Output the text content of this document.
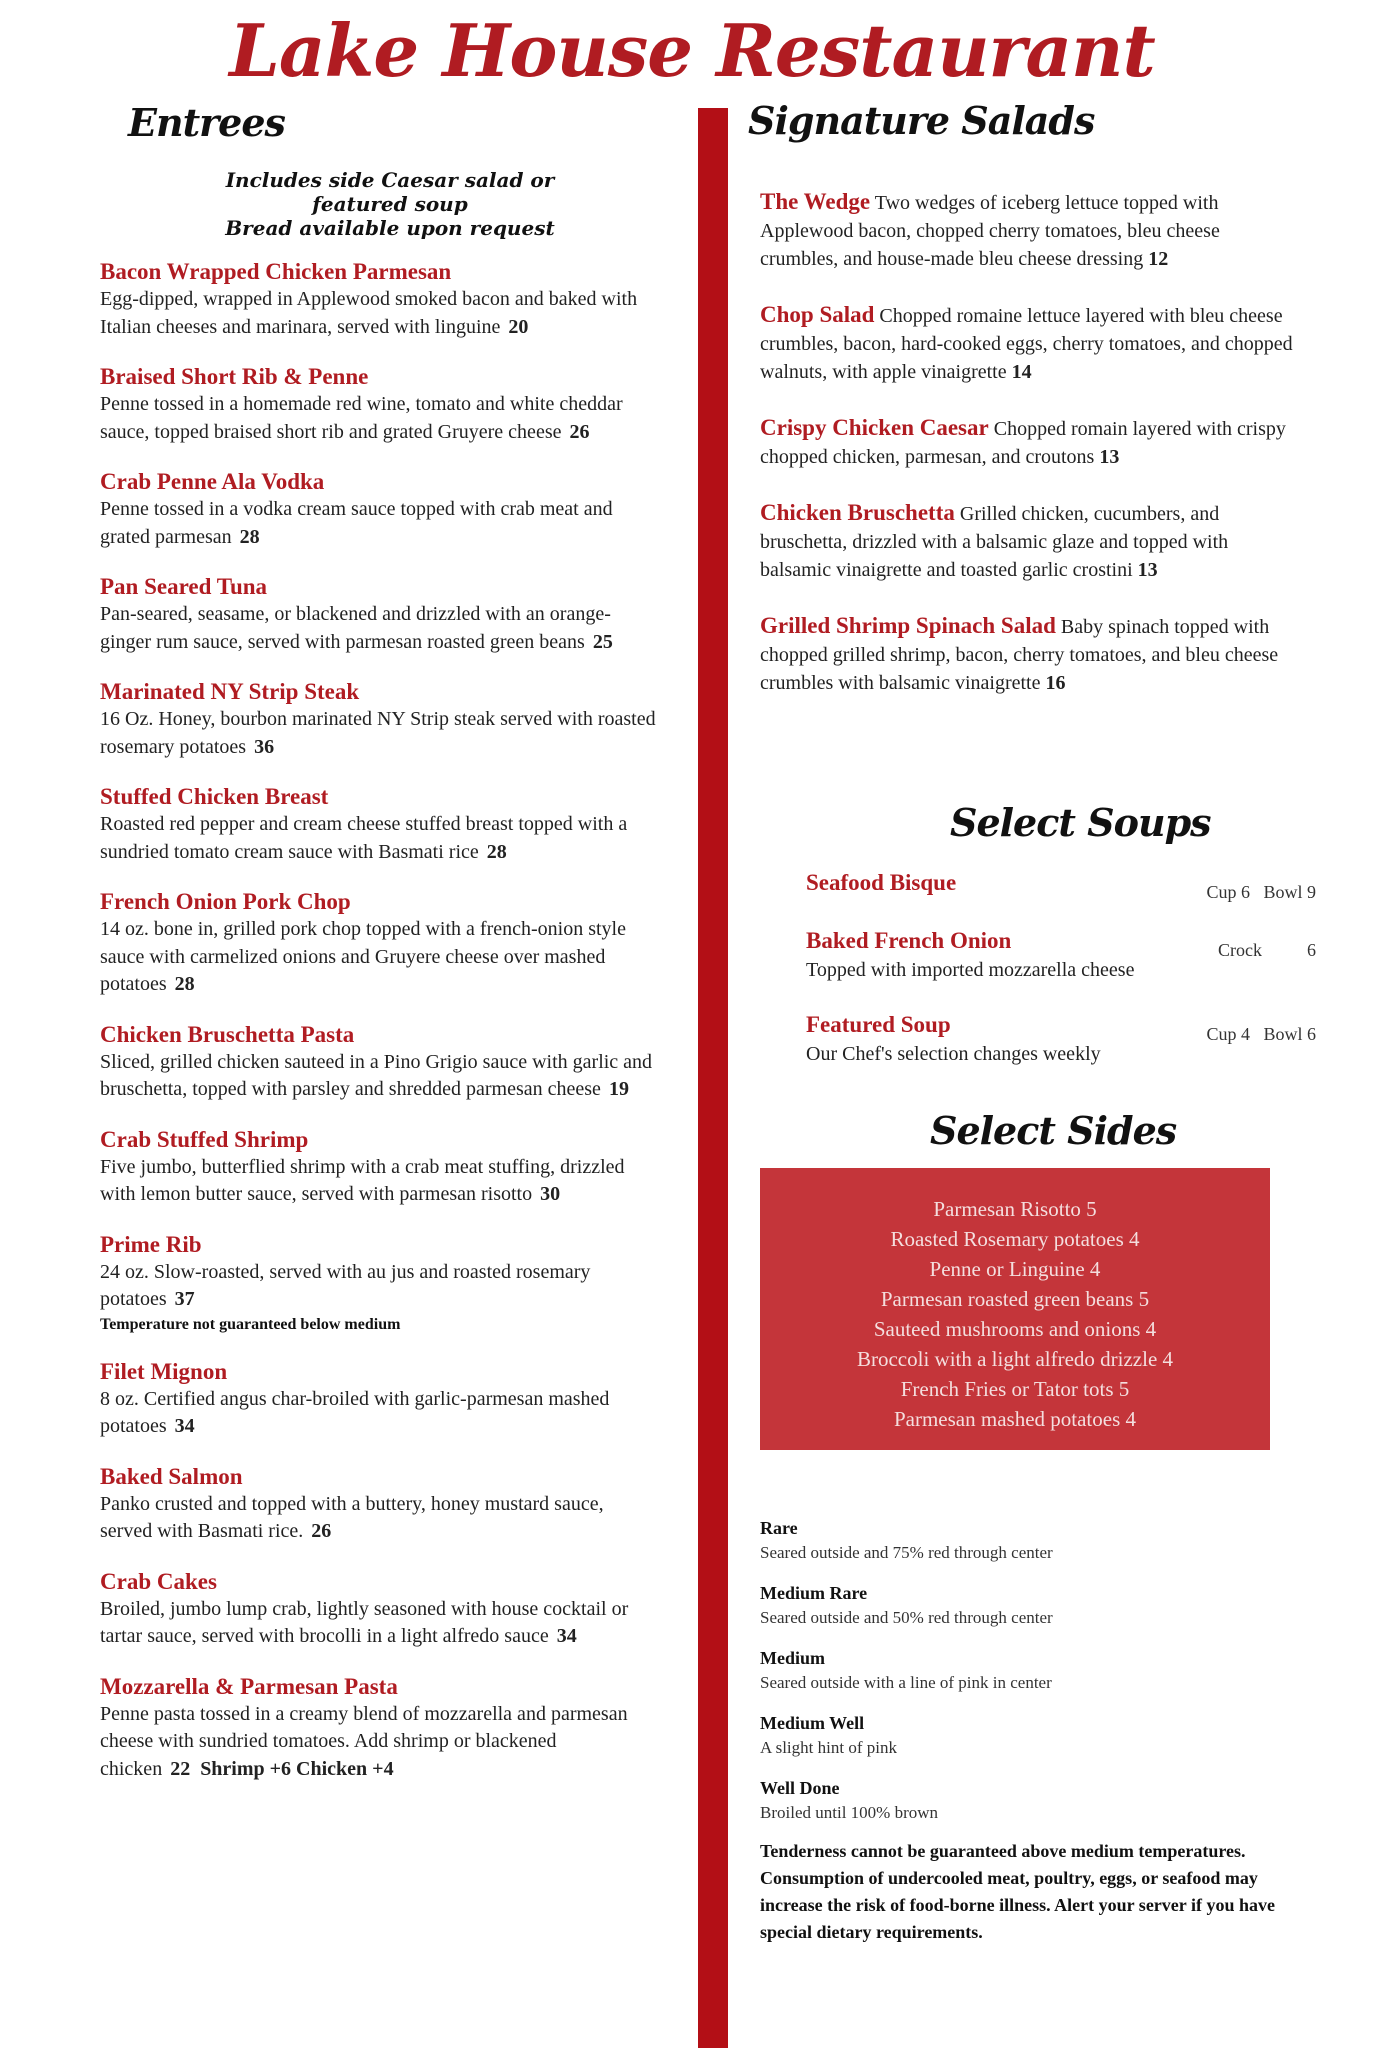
Lake House Restaurant
Entrees
Includes side Caesar salad or featured soup
Bread available upon request
Bacon Wrapped Chicken Parmesan
Egg-dipped, wrapped in Applewood smoked bacon and baked with Italian cheeses and marinara, served with linguine 20
Braised Short Rib & Penne
Penne tossed in a homemade red wine, tomato and white cheddar sauce, topped braised short rib and grated Gruyere cheese 26
Crab Penne Ala Vodka
Penne tossed in a vodka cream sauce topped with crab meat and grated parmesan 28
Pan Seared Tuna
Pan-seared, seasame, or blackened and drizzled with an orange-ginger rum sauce, served with parmesan roasted green beans 25
Marinated NY Strip Steak
16 Oz. Honey, bourbon marinated NY Strip steak served with roasted rosemary potatoes 36
Stuffed Chicken Breast
Roasted red pepper and cream cheese stuffed breast topped with a sundried tomato cream sauce with Basmati rice 28
French Onion Pork Chop
14 oz. bone in, grilled pork chop topped with a french-onion style sauce with carmelized onions and Gruyere cheese over mashed potatoes 28
Chicken Bruschetta Pasta
Sliced, grilled chicken sauteed in a Pino Grigio sauce with garlic and bruschetta, topped with parsley and shredded parmesan cheese 19
Crab Stuffed Shrimp
Five jumbo, butterflied shrimp with a crab meat stuffing, drizzled with lemon butter sauce, served with parmesan risotto 30
Prime Rib
24 oz. Slow-roasted, served with au jus and roasted rosemary potatoes 37
Temperature not guaranteed below medium
Filet Mignon
8 oz. Certified angus char-broiled with garlic-parmesan mashed potatoes 34
Baked Salmon
Panko crusted and topped with a buttery, honey mustard sauce, served with Basmati rice. 26
Crab Cakes
Broiled, jumbo lump crab, lightly seasoned with house cocktail or tartar sauce, served with brocolli in a light alfredo sauce 34
Mozzarella & Parmesan Pasta
Penne pasta tossed in a creamy blend of mozzarella and parmesan cheese with sundried tomatoes. Add shrimp or blackened chicken 22 Shrimp +6 Chicken +4
Signature Salads
The Wedge Two wedges of iceberg lettuce topped with Applewood bacon, chopped cherry tomatoes, bleu cheese crumbles, and house-made bleu cheese dressing 12
Chop Salad Chopped romaine lettuce layered with bleu cheese crumbles, bacon, hard-cooked eggs, cherry tomatoes, and chopped walnuts, with apple vinaigrette 14
Crispy Chicken Caesar Chopped romain layered with crispy chopped chicken, parmesan, and croutons 13
Chicken Bruschetta Grilled chicken, cucumbers, and bruschetta, drizzled with a balsamic glaze and topped with balsamic vinaigrette and toasted garlic crostini 13
Grilled Shrimp Spinach Salad Baby spinach topped with chopped grilled shrimp, bacon, cherry tomatoes, and bleu cheese crumbles with balsamic vinaigrette 16
Select Soups
Seafood Bisque	Cup 6   Bowl 9
Baked French Onion
Topped with imported mozzarella cheese
Crock          6
Featured Soup
Our Chef's selection changes weekly
Cup 4   Bowl 6
Select Sides
Parmesan Risotto 5
Roasted Rosemary potatoes 4
Penne or Linguine 4
Parmesan roasted green beans 5
Sauteed mushrooms and onions 4
Broccoli with a light alfredo drizzle 4
French Fries or Tator tots 5
Parmesan mashed potatoes 4
Rare
Seared outside and 75% red through center
Medium Rare
Seared outside and 50% red through center
Medium
Seared outside with a line of pink in center
Medium Well
A slight hint of pink
Well Done
Broiled until 100% brown
Tenderness cannot be guaranteed above medium temperatures. Consumption of undercooled meat, poultry, eggs, or seafood may increase the risk of food-borne illness. Alert your server if you have special dietary requirements.
